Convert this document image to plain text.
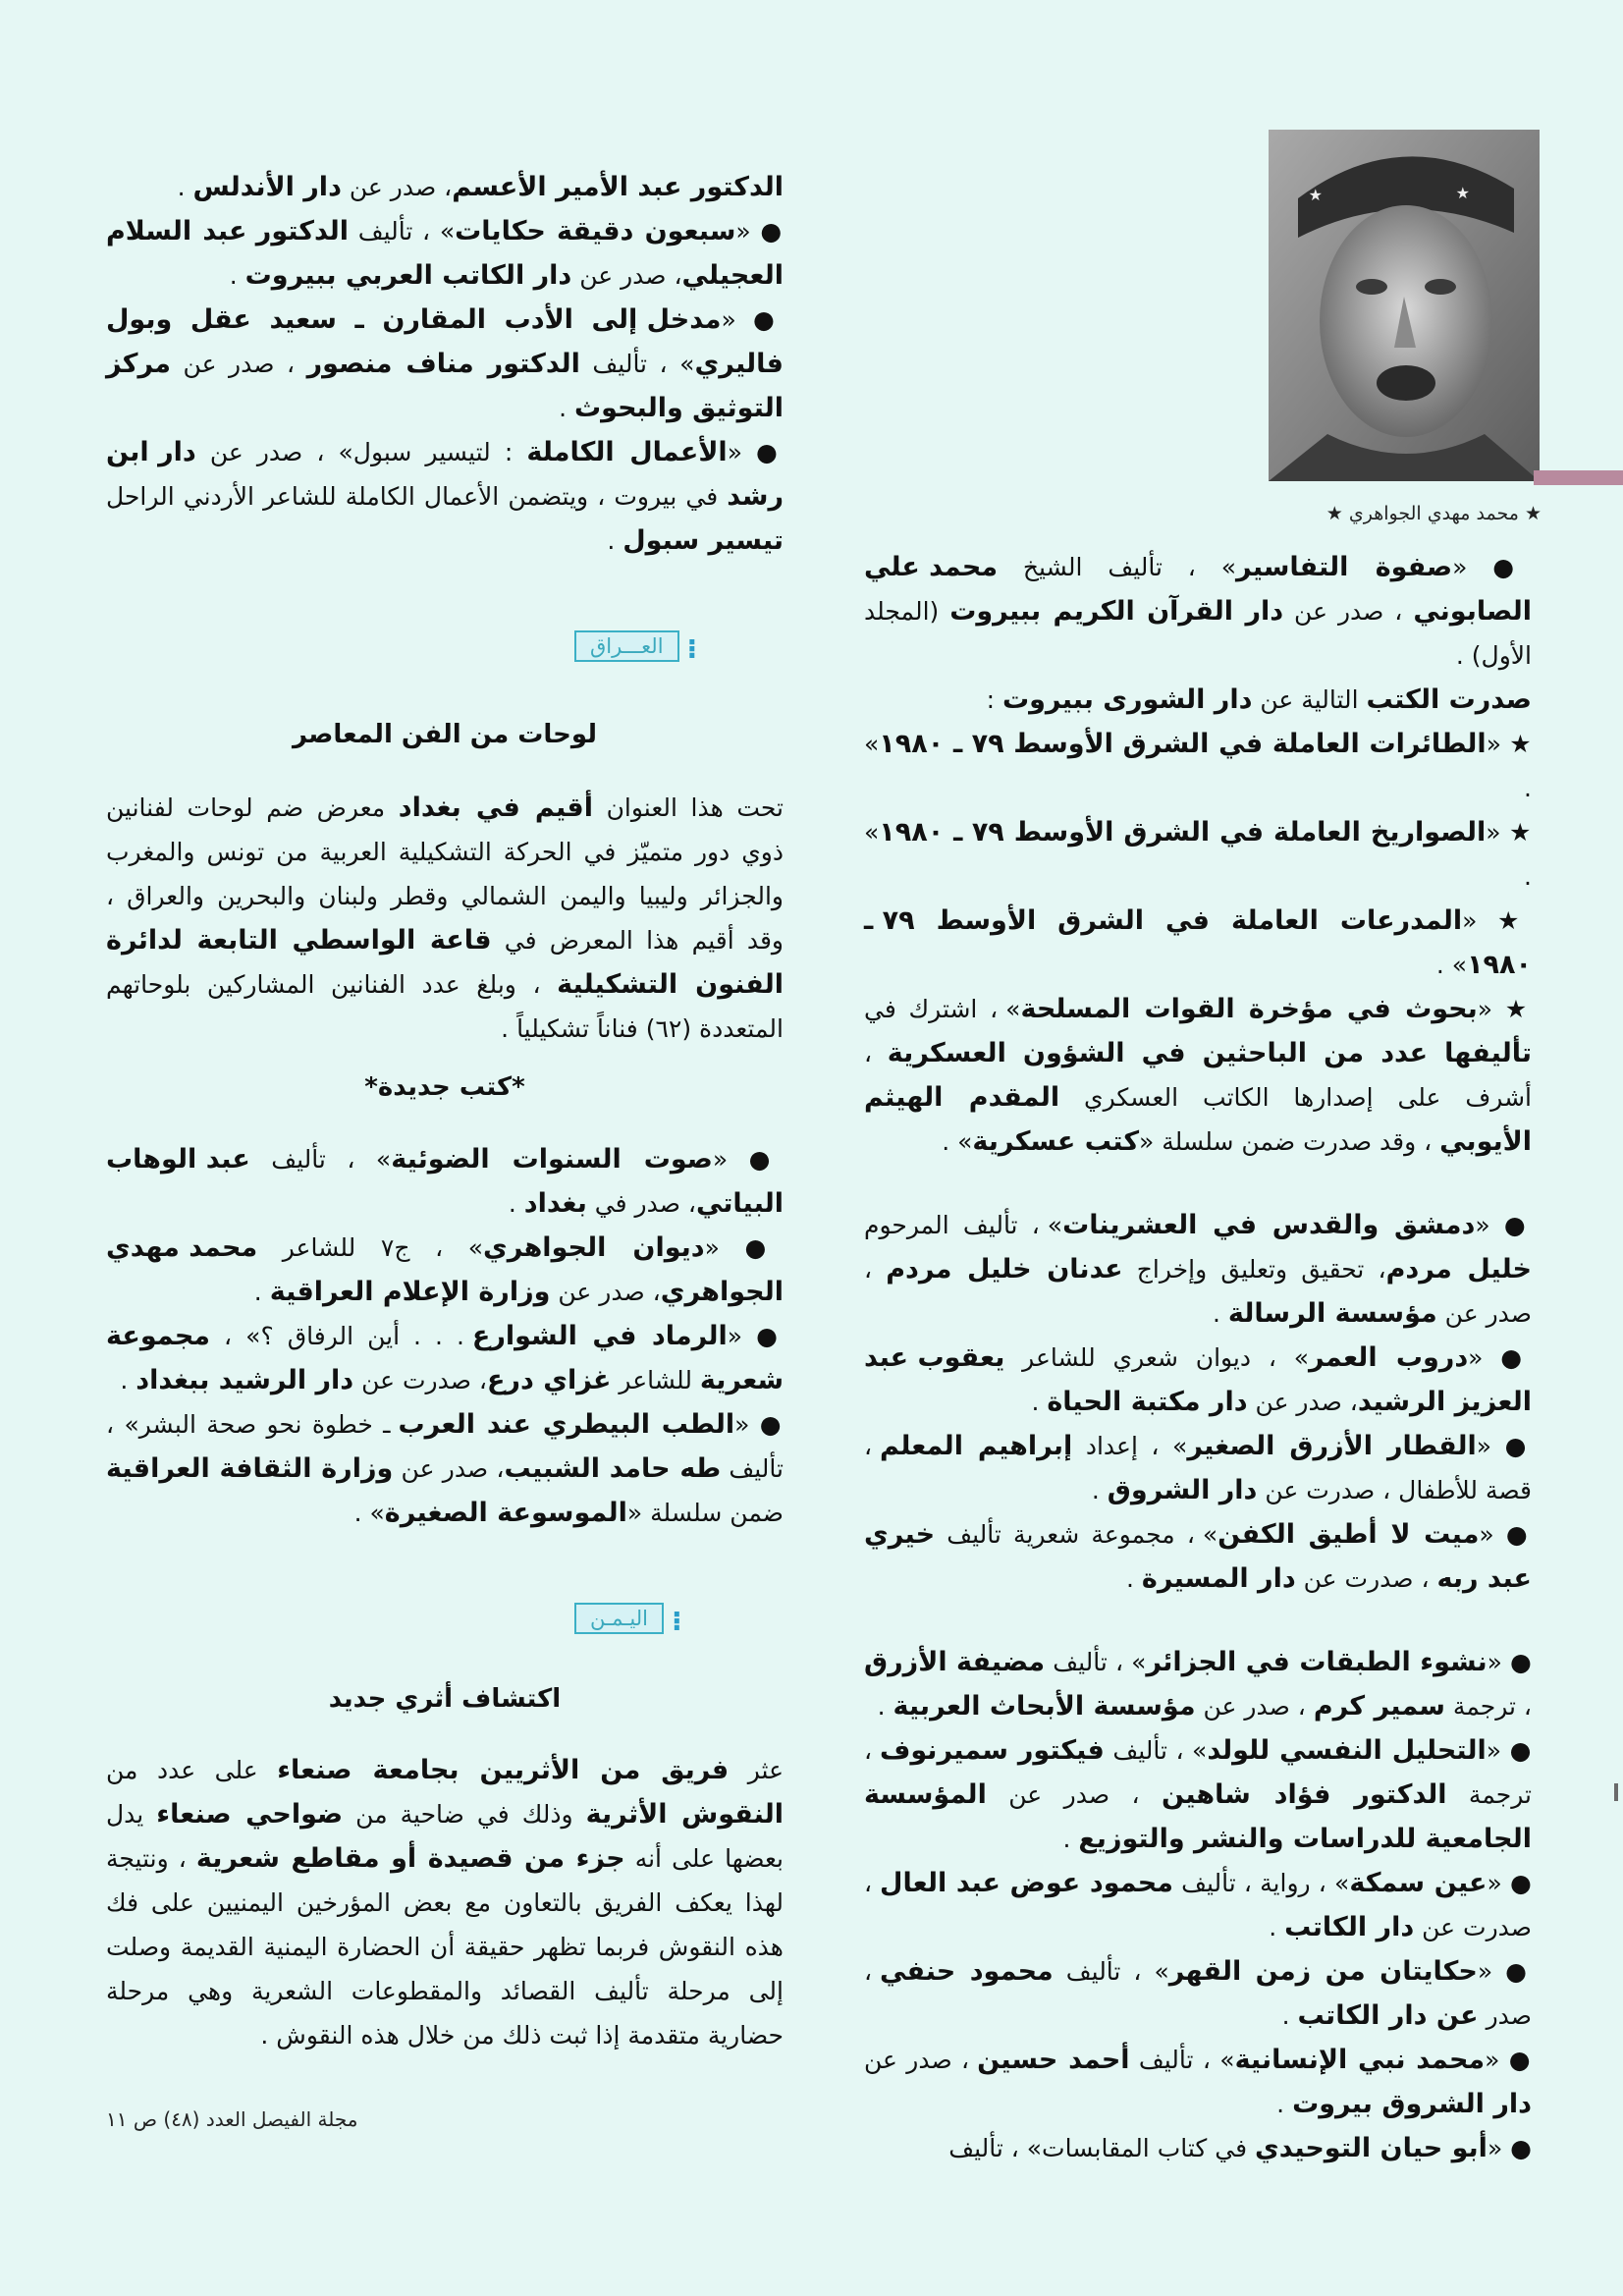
★	★
★ محمد مهدي الجواهري ★

الدكتور عبد الأمير الأعسم، صدر عن دار الأندلس .

● «سبعون دقيقة حكايات» ، تأليف الدكتور عبد السلام العجيلي، صدر عن دار الكاتب العربي ببيروت .

● «مدخل إلى الأدب المقارن ـ سعيد عقل وبول فاليري» ، تأليف الدكتور مناف منصور ، صدر عن مركز التوثيق والبحوث .

● «الأعمال الكاملة : لتيسير سبول» ، صدر عن دار ابن رشد في بيروت ، ويتضمن الأعمال الكاملة للشاعر الأردني الراحل تيسير سبول .

⁝العـــراق
لوحات من الفن المعاصر

تحت هذا العنوان أقيم في بغداد معرض ضم لوحات لفنانين ذوي دور متميّز في الحركة التشكيلية العربية من تونس والمغرب والجزائر وليبيا واليمن الشمالي وقطر ولبنان والبحرين والعراق ، وقد أقيم هذا المعرض في قاعة الواسطي التابعة لدائرة الفنون التشكيلية ، وبلغ عدد الفنانين المشاركين بلوحاتهم المتعددة (٦٢) فناناً تشكيلياً .

*كتب جديدة*

● «صوت السنوات الضوئية» ، تأليف عبد الوهاب البياتي، صدر في بغداد .

● «ديوان الجواهري» ، ج٧ للشاعر محمد مهدي الجواهري، صدر عن وزارة الإعلام العراقية .

● «الرماد في الشوارع . . . أين الرفاق ؟» ، مجموعة شعرية للشاعر غزاي درع، صدرت عن دار الرشيد ببغداد .

● «الطب البيطري عند العرب ـ خطوة نحو صحة البشر» ، تأليف طه حامد الشبيب، صدر عن وزارة الثقافة العراقية ضمن سلسلة «الموسوعة الصغيرة» .

⁝اليـمـن
اكتشاف أثري جديد

عثر فريق من الأثريين بجامعة صنعاء على عدد من النقوش الأثرية وذلك في ضاحية من ضواحي صنعاء يدل بعضها على أنه جزء من قصيدة أو مقاطع شعرية ، ونتيجة لهذا يعكف الفريق بالتعاون مع بعض المؤرخين اليمنيين على فك هذه النقوش فربما تظهر حقيقة أن الحضارة اليمنية القديمة وصلت إلى مرحلة تأليف القصائد والمقطوعات الشعرية وهي مرحلة حضارية متقدمة إذا ثبت ذلك من خلال هذه النقوش .

● «صفوة التفاسير» ، تأليف الشيخ محمد علي الصابوني ، صدر عن دار القرآن الكريم ببيروت (المجلد الأول) .

صدرت الكتب التالية عن دار الشورى ببيروت :

★ «الطائرات العاملة في الشرق الأوسط ٧٩ ـ ١٩٨٠» .

★ «الصواريخ العاملة في الشرق الأوسط ٧٩ ـ ١٩٨٠» .

★ «المدرعات العاملة في الشرق الأوسط ٧٩ ـ ١٩٨٠» .

★ «بحوث في مؤخرة القوات المسلحة» ، اشترك في تأليفها عدد من الباحثين في الشؤون العسكرية ، أشرف على إصدارها الكاتب العسكري المقدم الهيثم الأيوبي ، وقد صدرت ضمن سلسلة «كتب عسكرية» .

● «دمشق والقدس في العشرينات» ، تأليف المرحوم خليل مردم، تحقيق وتعليق وإخراج عدنان خليل مردم ، صدر عن مؤسسة الرسالة .

● «دروب العمر» ، ديوان شعري للشاعر يعقوب عبد العزيز الرشيد، صدر عن دار مكتبة الحياة .

● «القطار الأزرق الصغير» ، إعداد إبراهيم المعلم ، قصة للأطفال ، صدرت عن دار الشروق .

● «ميت لا أطيق الكفن» ، مجموعة شعرية تأليف خيري عبد ربه ، صدرت عن دار المسيرة .

● «نشوء الطبقات في الجزائر» ، تأليف مضيفة الأزرق ، ترجمة سمير كرم ، صدر عن مؤسسة الأبحاث العربية .

● «التحليل النفسي للولد» ، تأليف فيكتور سميرنوف ، ترجمة الدكتور فؤاد شاهين ، صدر عن المؤسسة الجامعية للدراسات والنشر والتوزيع .

● «عين سمكة» ، رواية ، تأليف محمود عوض عبد العال ، صدرت عن دار الكاتب .

● «حكايتان من زمن القهر» ، تأليف محمود حنفي ، صدر عن دار الكاتب .

● «محمد نبي الإنسانية» ، تأليف أحمد حسين ، صدر عن دار الشروق بيروت .

● «أبو حيان التوحيدي في كتاب المقابسات» ، تأليف

مجلة الفيصل العدد (٤٨) ص ١١
